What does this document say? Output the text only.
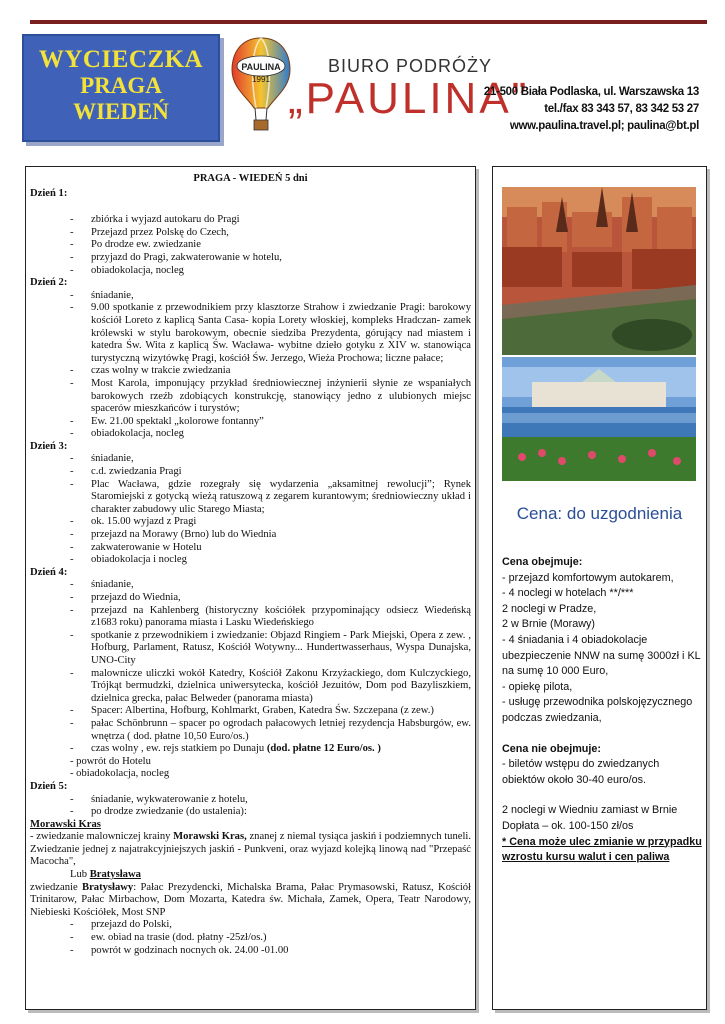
WYCIECZKA
PRAGA
WIEDEŃ
PAULINA
1991
BIURO PODRÓŻY
„PAULINA”
21-500 Biała Podlaska, ul. Warszawska 13
tel./fax 83 343 57, 83 342 53 27
www.paulina.travel.pl; paulina@bt.pl
PRAGA - WIEDEŃ 5 dni
Dzień 1:
- zbiórka i wyjazd autokaru do Pragi
- Przejazd przez Polskę do Czech,
- Po drodze ew. zwiedzanie
- przyjazd do Pragi, zakwaterowanie w hotelu,
- obiadokolacja, nocleg
Dzień 2:
- śniadanie,
- 9.00 spotkanie z przewodnikiem przy klasztorze Strahow i zwiedzanie Pragi: barokowy kościół Loreto z kaplicą Santa Casa- kopia Lorety włoskiej, kompleks Hradczan- zamek królewski w stylu barokowym, obecnie siedziba Prezydenta, górujący nad miastem i katedra Św. Wita z kaplicą Św. Wacława- wybitne dzieło gotyku z XIV w. stanowiąca turystyczną wizytówkę Pragi, kościół Św. Jerzego, Wieża Prochowa; liczne pałace;
- czas wolny w trakcie zwiedzania
- Most Karola, imponujący przykład średniowiecznej inżynierii słynie ze wspaniałych barokowych rzeźb zdobiących konstrukcję, stanowiący jedno z ulubionych miejsc spacerów mieszkańców i turystów;
- Ew. 21.00 spektakl „kolorowe fontanny”
- obiadokolacja, nocleg
Dzień 3:
- śniadanie,
- c.d. zwiedzania Pragi
- Plac Wacława, gdzie rozegrały się wydarzenia „aksamitnej rewolucji”; Rynek Staromiejski z gotycką wieżą ratuszową z zegarem kurantowym; średniowieczny układ i charakter zabudowy ulic Starego Miasta;
- ok. 15.00 wyjazd z Pragi
- przejazd na Morawy (Brno) lub do Wiednia
- zakwaterowanie w Hotelu
- obiadokolacja i nocleg
Dzień 4:
- śniadanie,
- przejazd do Wiednia,
- przejazd na Kahlenberg (historyczny kościółek przypominający odsiecz Wiedeńską z1683 roku) panorama miasta i Lasku Wiedeńskiego
- spotkanie z przewodnikiem i zwiedzanie: Objazd Ringiem - Park Miejski, Opera z zew. , Hofburg, Parlament, Ratusz, Kościół Wotywny... Hundertwasserhaus, Wyspa Dunajska, UNO-City
- malownicze uliczki wokół Katedry, Kościół Zakonu Krzyżackiego, dom Kulczyckiego, Trójkąt bermudzki, dzielnica uniwersytecka, kościół Jezuitów, Dom pod Bazyliszkiem, dzielnica grecka, pałac Belweder (panorama miasta)
- Spacer: Albertina, Hofburg, Kohlmarkt, Graben, Katedra Św. Szczepana (z zew.)
- pałac Schönbrunn – spacer po ogrodach pałacowych letniej rezydencja Habsburgów, ew. wnętrza ( dod. płatne 10,50 Euro/os.)
- czas wolny , ew. rejs statkiem po Dunaju (dod. płatne 12 Euro/os. )
- powrót do Hotelu
- obiadokolacja, nocleg
Dzień 5:
- śniadanie, wykwaterowanie z hotelu,
- po drodze zwiedzanie (do ustalenia):
Morawski Kras
- zwiedzanie malowniczej krainy Morawski Kras, znanej z niemal tysiąca jaskiń i podziemnych tuneli. Zwiedzanie jednej z najatrakcyjniejszych jaskiń - Punkveni, oraz wyjazd kolejką linową nad "Przepaść Macocha",
Lub Bratysława
zwiedzanie Bratysławy: Pałac Prezydencki, Michalska Brama, Pałac Prymasowski, Ratusz, Kościół Trinitarow, Pałac Mirbachow, Dom Mozarta, Katedra św. Michała, Zamek, Opera, Teatr Narodowy, Niebieski Kościółek, Most SNP
- przejazd do Polski,
- ew. obiad na trasie (dod. płatny -25zł/os.)
- powrót w godzinach nocnych ok. 24.00 -01.00
Cena: do uzgodnienia
Cena obejmuje:
- przejazd komfortowym autokarem,
- 4 noclegi w hotelach **/***
2 noclegi w Pradze,
2 w Brnie (Morawy)
- 4 śniadania i 4 obiadokolacje ubezpieczenie NNW na sumę 3000zł i KL na sumę 10 000 Euro,
- opiekę pilota,
- usługę przewodnika polskojęzycznego podczas zwiedzania,
Cena nie obejmuje:
- biletów wstępu do zwiedzanych obiektów około 30-40 euro/os.
2 noclegi w Wiedniu zamiast w Brnie
Dopłata – ok. 100-150 zł/os
* Cena może ulec zmianie w przypadku wzrostu kursu walut i cen paliwa
